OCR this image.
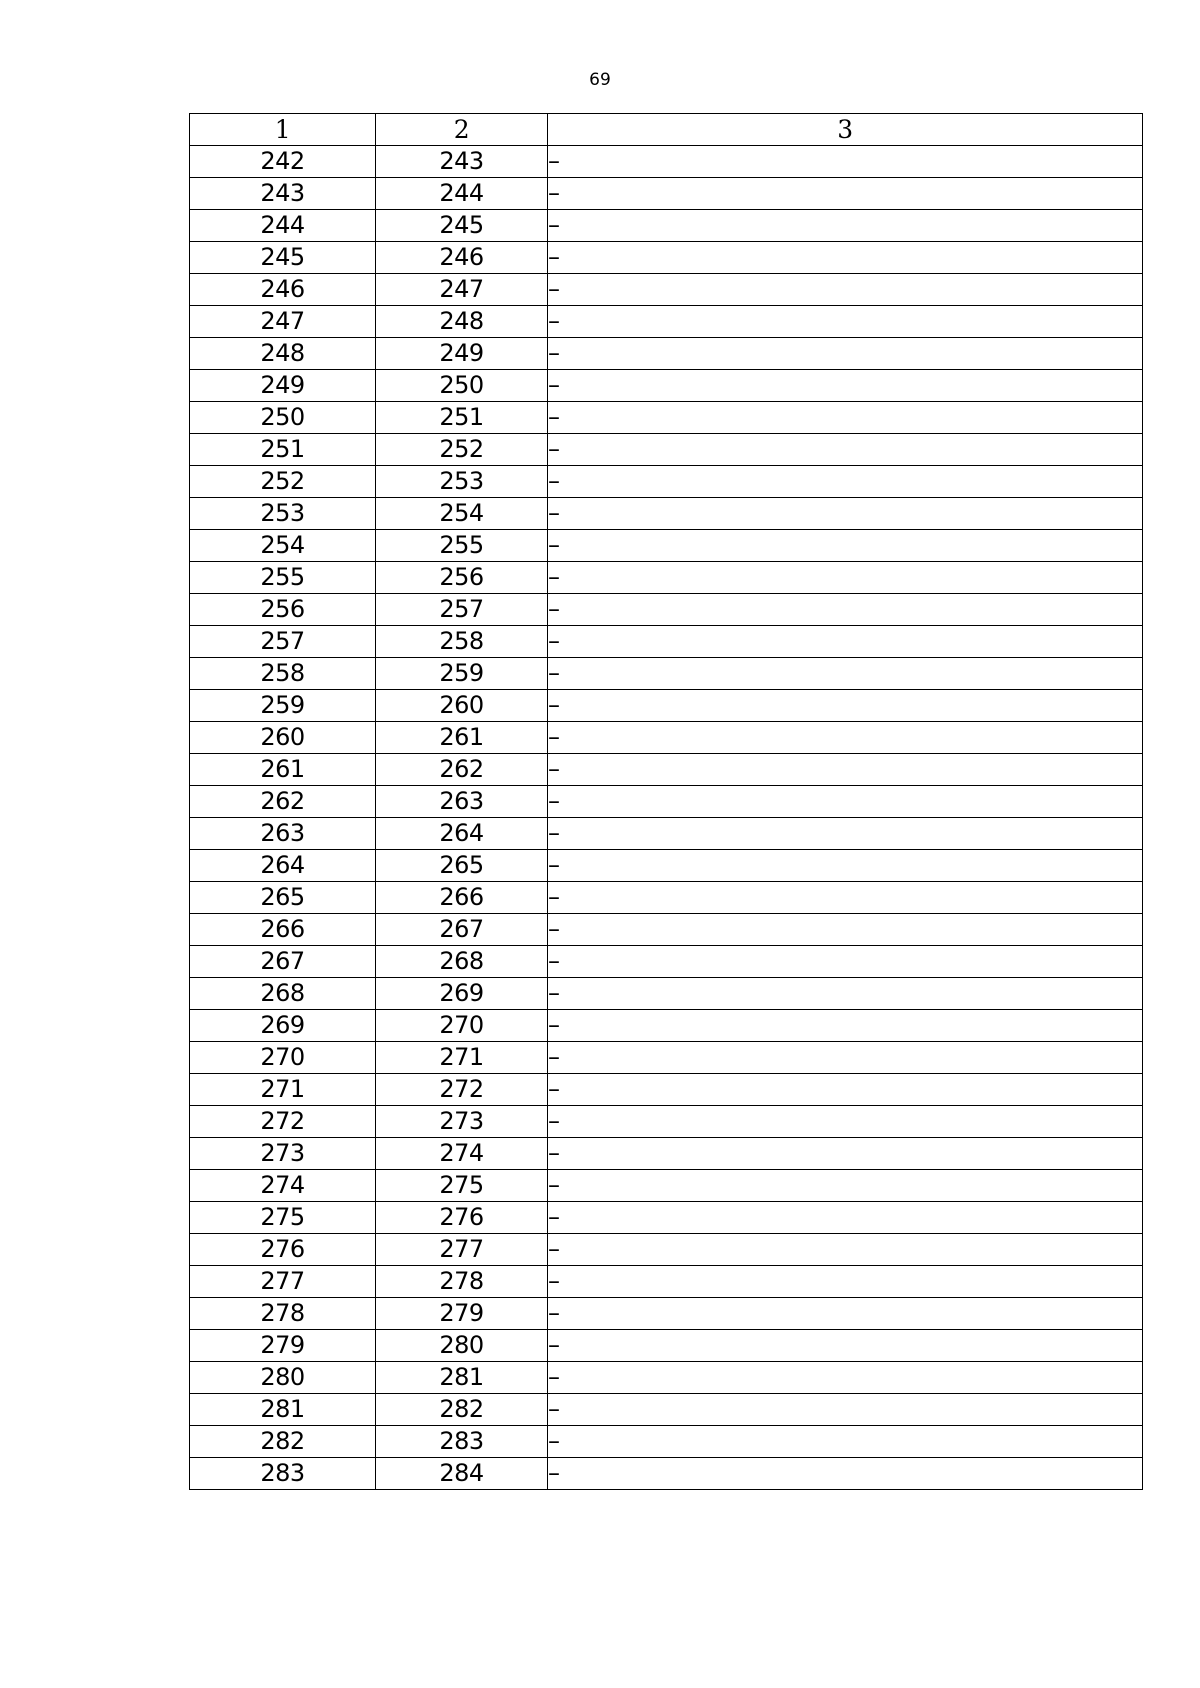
69
1	2	3
242	243	–
243	244	–
244	245	–
245	246	–
246	247	–
247	248	–
248	249	–
249	250	–
250	251	–
251	252	–
252	253	–
253	254	–
254	255	–
255	256	–
256	257	–
257	258	–
258	259	–
259	260	–
260	261	–
261	262	–
262	263	–
263	264	–
264	265	–
265	266	–
266	267	–
267	268	–
268	269	–
269	270	–
270	271	–
271	272	–
272	273	–
273	274	–
274	275	–
275	276	–
276	277	–
277	278	–
278	279	–
279	280	–
280	281	–
281	282	–
282	283	–
283	284	–
